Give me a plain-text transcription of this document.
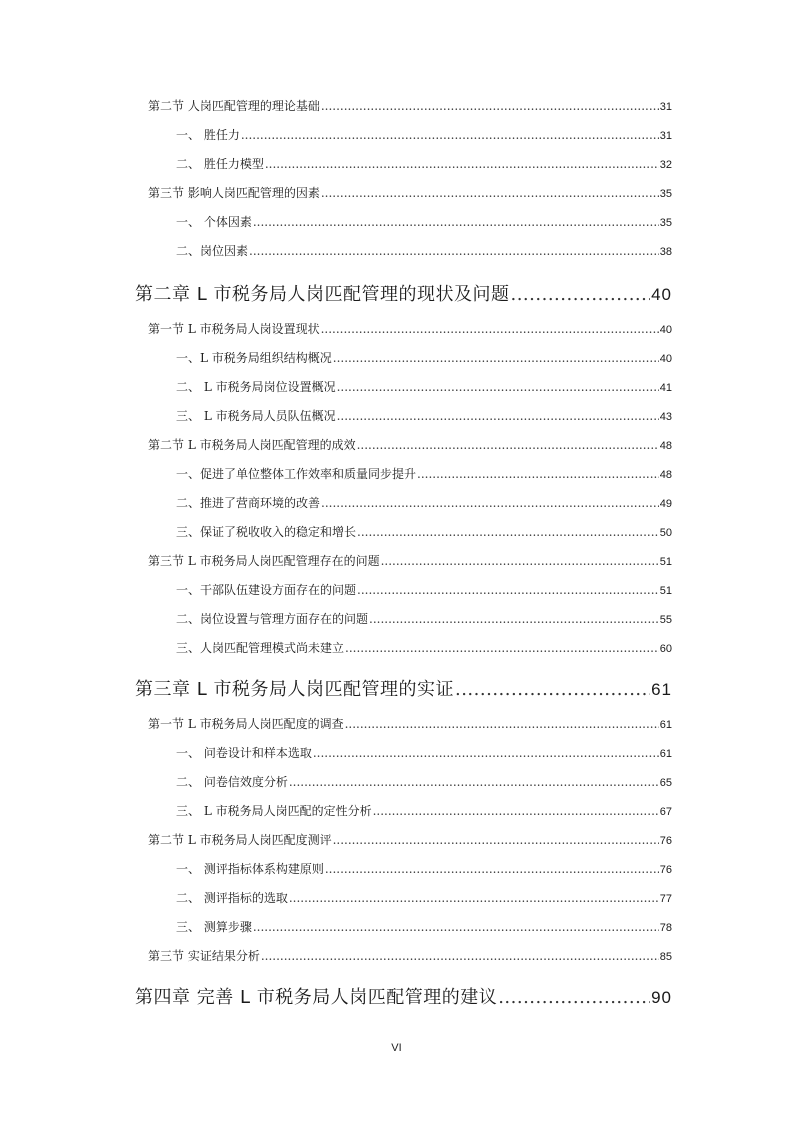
第二节 人岗匹配管理的理论基础 .....	31
一、 胜任力 .....	31
二、 胜任力模型 .....	32
第三节 影响人岗匹配管理的因素 .....	35
一、 个体因素 .....	35
二、岗位因素 .....	38
第二章 L 市税务局人岗匹配管理的现状及问题 .....	40
第一节 L 市税务局人岗设置现状 .....	40
一、L 市税务局组织结构概况 .....	40
二、 L 市税务局岗位设置概况 .....	41
三、 L 市税务局人员队伍概况 .....	43
第二节 L 市税务局人岗匹配管理的成效 .....	48
一、促进了单位整体工作效率和质量同步提升 .....	48
二、推进了营商环境的改善 .....	49
三、保证了税收收入的稳定和增长 .....	50
第三节 L 市税务局人岗匹配管理存在的问题 .....	51
一、干部队伍建设方面存在的问题 .....	51
二、岗位设置与管理方面存在的问题 .....	55
三、人岗匹配管理模式尚未建立 .....	60
第三章 L 市税务局人岗匹配管理的实证 .....	61
第一节 L 市税务局人岗匹配度的调查 .....	61
一、 问卷设计和样本选取 .....	61
二、 问卷信效度分析 .....	65
三、 L 市税务局人岗匹配的定性分析 .....	67
第二节 L 市税务局人岗匹配度测评 .....	76
一、 测评指标体系构建原则 .....	76
二、 测评指标的选取 .....	77
三、 测算步骤 .....	78
第三节 实证结果分析 .....	85
第四章 完善 L 市税务局人岗匹配管理的建议 .....	90
VI
